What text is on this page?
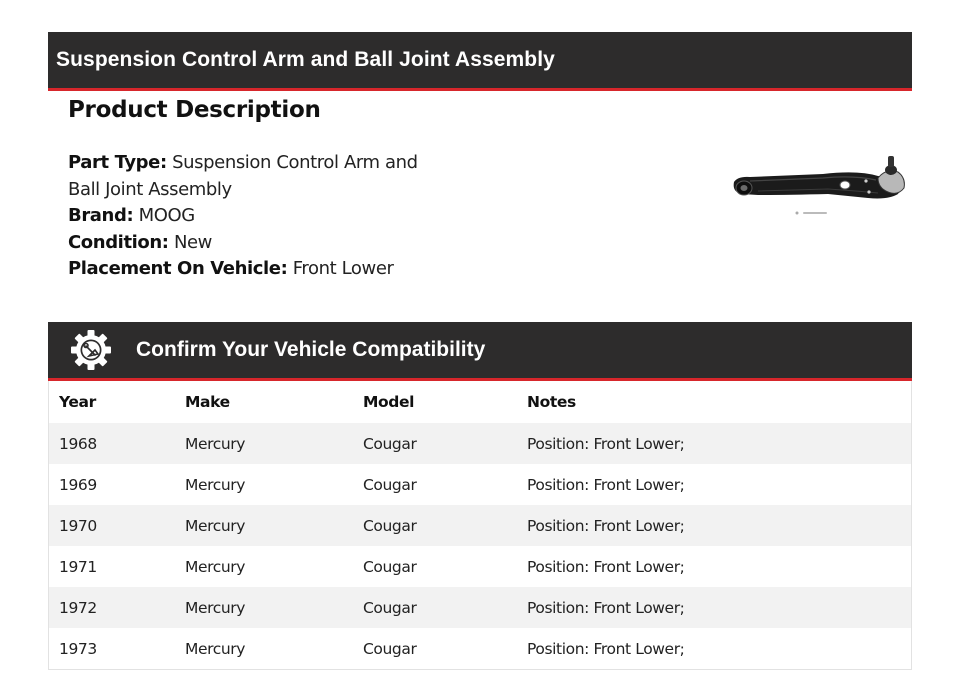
Suspension Control Arm and Ball Joint Assembly
Product Description
Part Type: Suspension Control Arm and Ball Joint Assembly
Brand: MOOG
Condition: New
Placement On Vehicle: Front Lower
Confirm Your Vehicle Compatibility
Year	Make	Model	Notes
1968	Mercury	Cougar	Position: Front Lower;
1969	Mercury	Cougar	Position: Front Lower;
1970	Mercury	Cougar	Position: Front Lower;
1971	Mercury	Cougar	Position: Front Lower;
1972	Mercury	Cougar	Position: Front Lower;
1973	Mercury	Cougar	Position: Front Lower;
